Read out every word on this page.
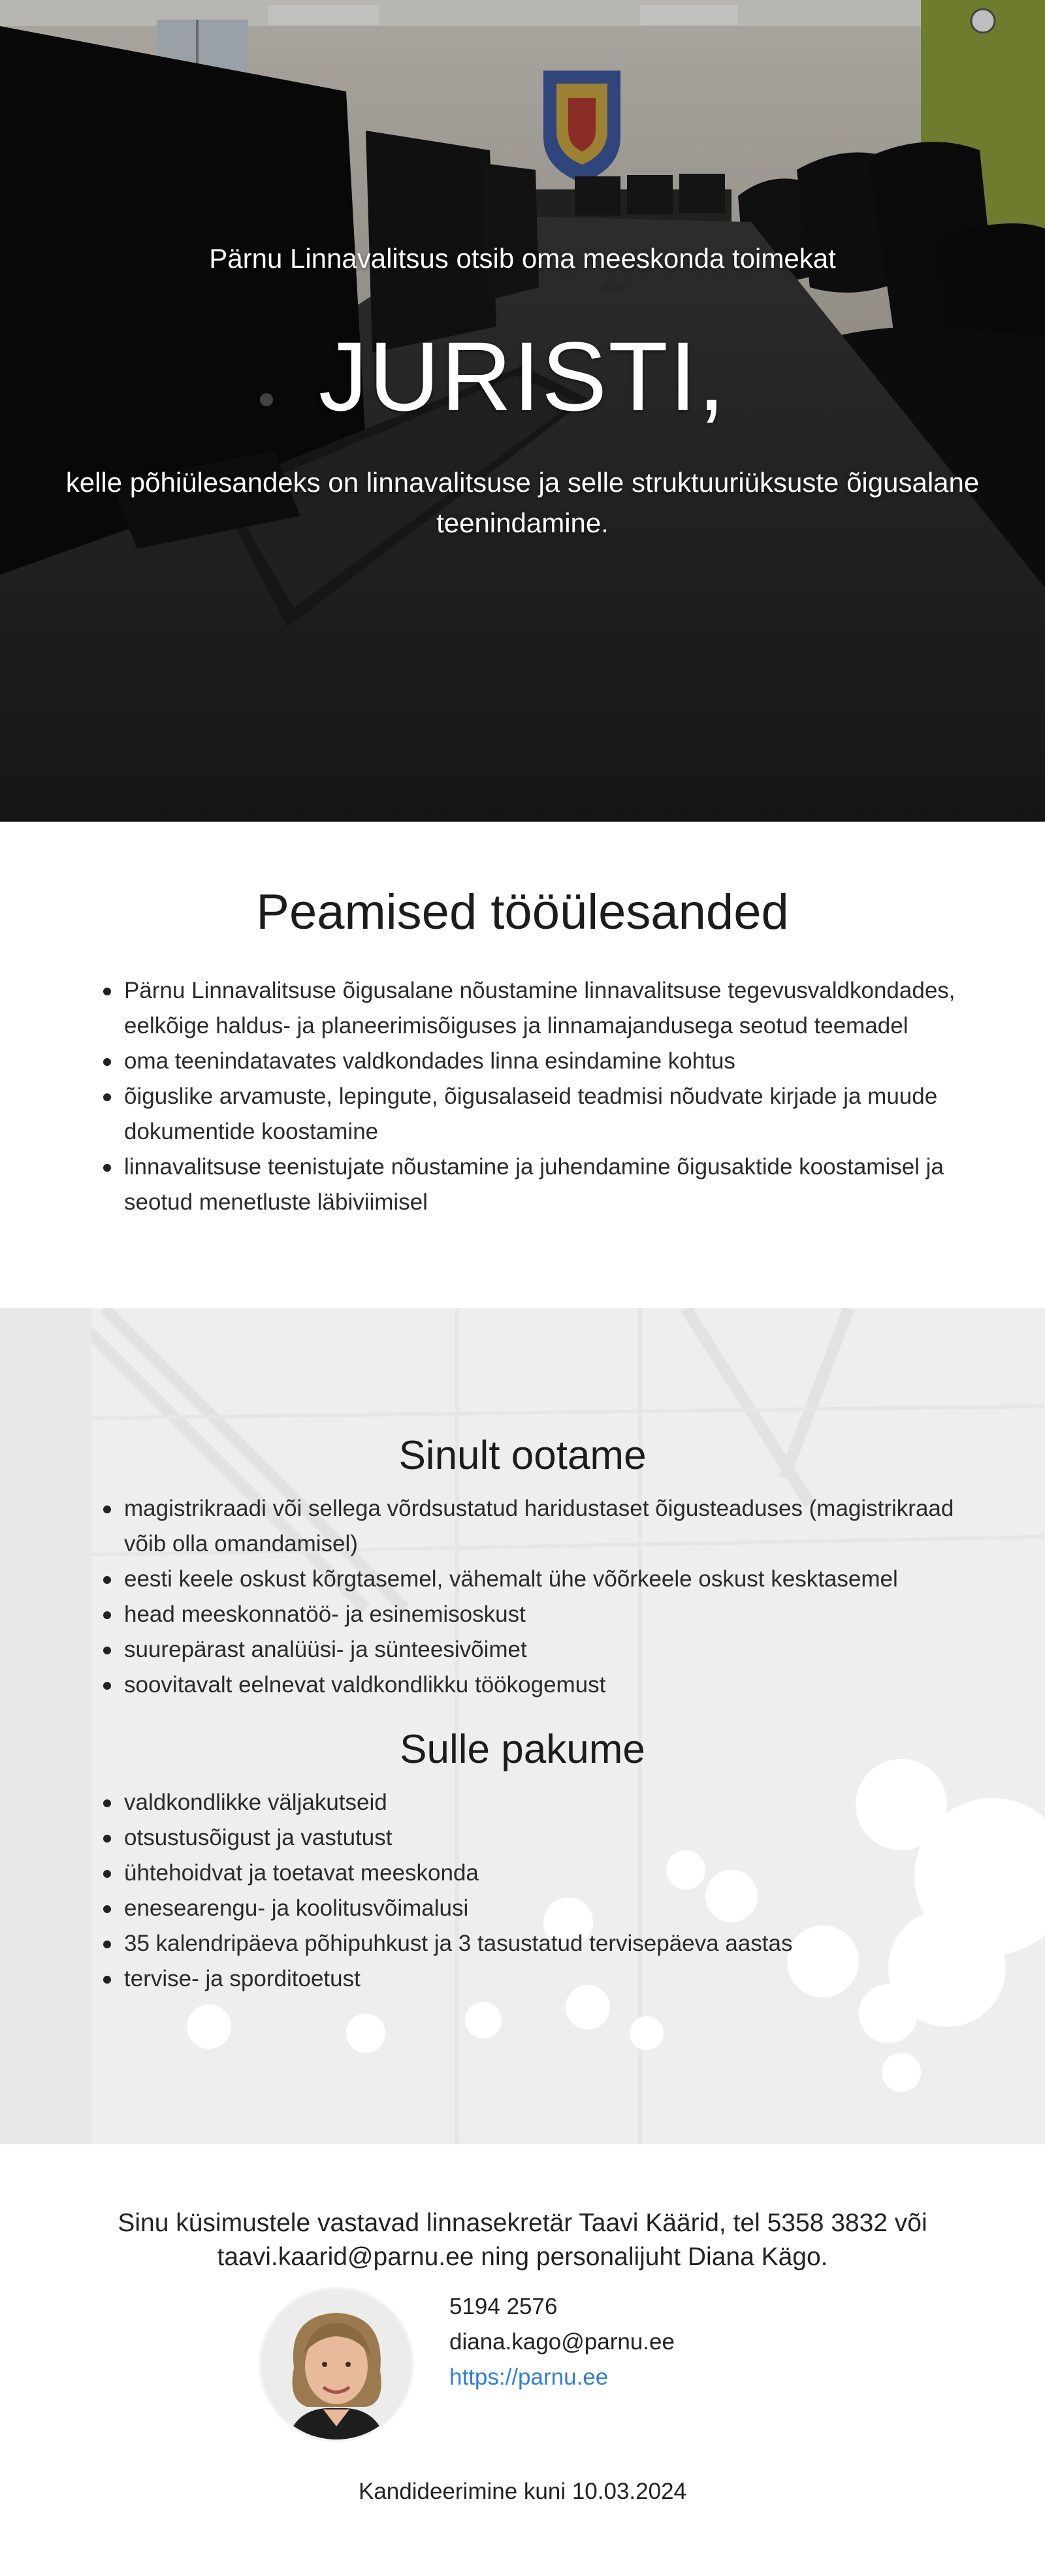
Pärnu Linnavalitsus otsib oma meeskonda toimekat
JURISTI,
kelle põhiülesandeks on linnavalitsuse ja selle struktuuriüksuste õigusalane teenindamine.
Peamised tööülesanded
Pärnu Linnavalitsuse õigusalane nõustamine linnavalitsuse tegevusvaldkondades, eelkõige haldus- ja planeerimisõiguses ja linnamajandusega seotud teemadel
oma teenindatavates valdkondades linna esindamine kohtus
õiguslike arvamuste, lepingute, õigusalaseid teadmisi nõudvate kirjade ja muude dokumentide koostamine
linnavalitsuse teenistujate nõustamine ja juhendamine õigusaktide koostamisel ja seotud menetluste läbiviimisel
Sinult ootame
magistrikraadi või sellega võrdsustatud haridustaset õigusteaduses (magistrikraad võib olla omandamisel)
eesti keele oskust kõrgtasemel, vähemalt ühe võõrkeele oskust kesktasemel
head meeskonnatöö- ja esinemisoskust
suurepärast analüüsi- ja sünteesivõimet
soovitavalt eelnevat valdkondlikku töökogemust
Sulle pakume
valdkondlikke väljakutseid
otsustusõigust ja vastutust
ühtehoidvat ja toetavat meeskonda
enesearengu- ja koolitusvõimalusi
35 kalendripäeva põhipuhkust ja 3 tasustatud tervisepäeva aastas
tervise- ja sporditoetust
Sinu küsimustele vastavad linnasekretär Taavi Käärid, tel 5358 3832 või
taavi.kaarid@parnu.ee ning personalijuht Diana Kägo.
5194 2576
diana.kago@parnu.ee
https://parnu.ee
Kandideerimine kuni 10.03.2024
